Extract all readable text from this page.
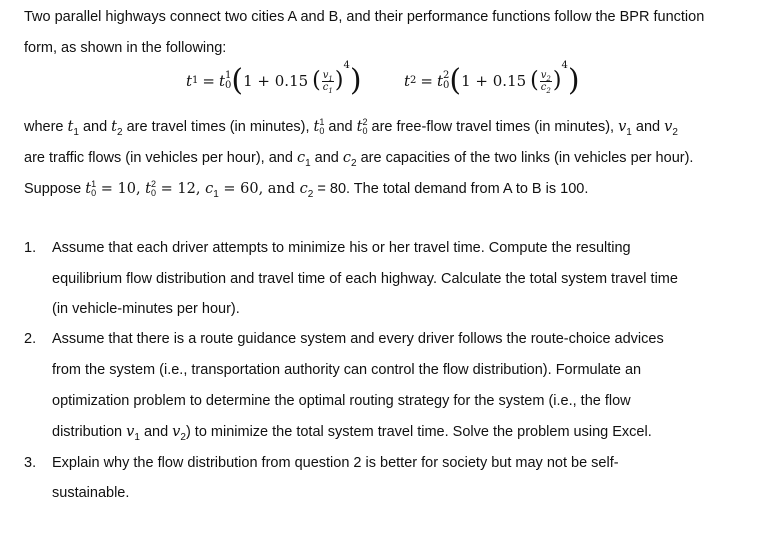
Two parallel highways connect two cities A and B, and their performance functions follow the BPR function
form, as shown in the following:
t 1 = t 1
0 ( 1 + 0.15 ( $\frac{v_1}{c_1}$ )
4 )	t 2 = t 2
0 ( 1 + 0.15 ( $\frac{v_2}{c_2}$ )
4 )
where $t_1$ and $t_2$ are travel times (in minutes), t 1
0 and t 2
0 are free-flow travel times (in minutes), $v_1$ and $v_2$
are traffic flows (in vehicles per hour), and $c_1$ and $c_2$ are capacities of the two links (in vehicles per hour).
Suppose t 1
0 = 10, t 2
0 = 12, $c_1 = 60$, and $c_2 = 80$. The total demand from A to B is 100.
1. Assume that each driver attempts to minimize his or her travel time. Compute the resulting
equilibrium flow distribution and travel time of each highway. Calculate the total system travel time
(in vehicle-minutes per hour).
2. Assume that there is a route guidance system and every driver follows the route-choice advices
from the system (i.e., transportation authority can control the flow distribution). Formulate an
optimization problem to determine the optimal routing strategy for the system (i.e., the flow
distribution $v_1$ and $v_2$) to minimize the total system travel time. Solve the problem using Excel.
3. Explain why the flow distribution from question 2 is better for society but may not be self-
sustainable.
